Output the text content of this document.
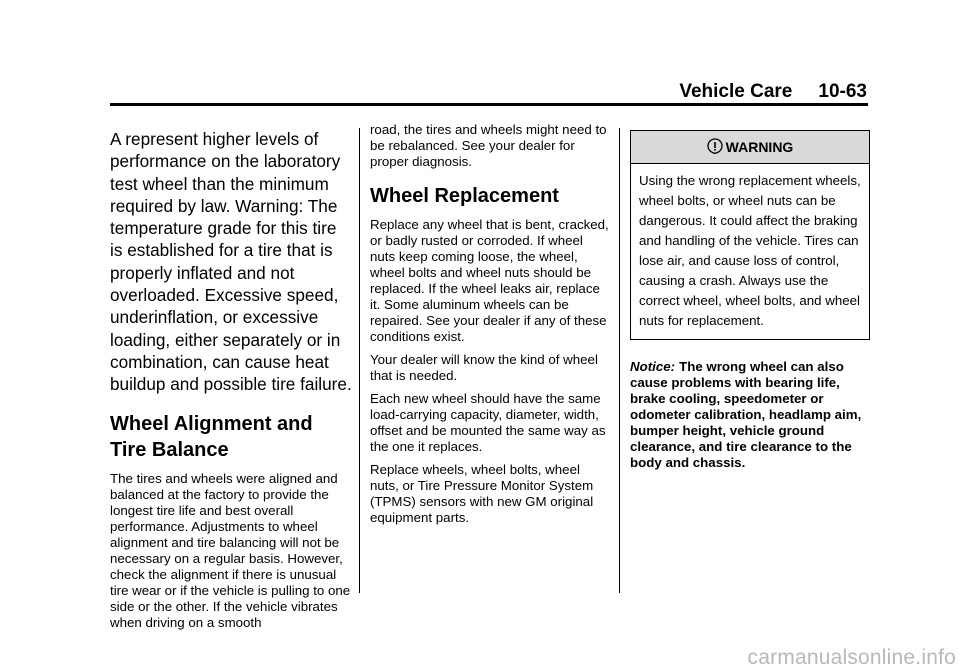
Vehicle Care 10-63

A represent higher levels of performance on the laboratory test wheel than the minimum required by law. Warning: The temperature grade for this tire is established for a tire that is properly inflated and not overloaded. Excessive speed, underinflation, or excessive loading, either separately or in combination, can cause heat buildup and possible tire failure.

Wheel Alignment and Tire Balance

The tires and wheels were aligned and balanced at the factory to provide the longest tire life and best overall performance. Adjustments to wheel alignment and tire balancing will not be necessary on a regular basis. However, check the alignment if there is unusual tire wear or if the vehicle is pulling to one side or the other. If the vehicle vibrates when driving on a smooth

road, the tires and wheels might need to be rebalanced. See your dealer for proper diagnosis.

Wheel Replacement

Replace any wheel that is bent, cracked, or badly rusted or corroded. If wheel nuts keep coming loose, the wheel, wheel bolts and wheel nuts should be replaced. If the wheel leaks air, replace it. Some aluminum wheels can be repaired. See your dealer if any of these conditions exist.

Your dealer will know the kind of wheel that is needed.

Each new wheel should have the same load-carrying capacity, diameter, width, offset and be mounted the same way as the one it replaces.

Replace wheels, wheel bolts, wheel nuts, or Tire Pressure Monitor System (TPMS) sensors with new GM original equipment parts.

WARNING
Using the wrong replacement wheels, wheel bolts, or wheel nuts can be dangerous. It could affect the braking and handling of the vehicle. Tires can lose air, and cause loss of control, causing a crash. Always use the correct wheel, wheel bolts, and wheel nuts for replacement.
Notice: The wrong wheel can also cause problems with bearing life, brake cooling, speedometer or odometer calibration, headlamp aim, bumper height, vehicle ground clearance, and tire clearance to the body and chassis.
carmanualsonline.info
